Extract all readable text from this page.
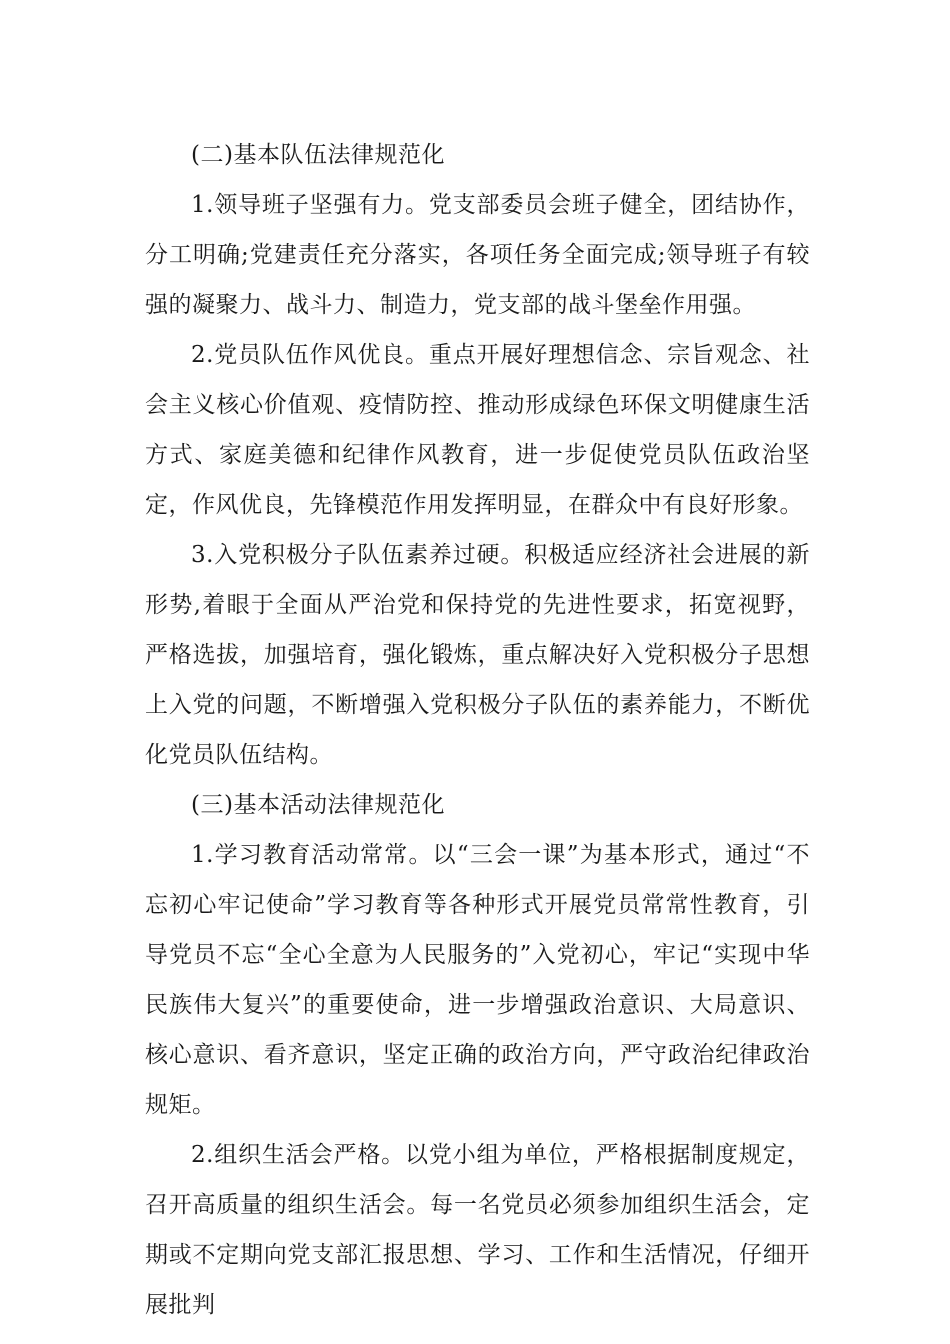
(二)基本队伍法律规范化

1.领导班子坚强有力。党支部委员会班子健全，团结协作，分工明确;党建责任充分落实，各项任务全面完成;领导班子有较强的凝聚力、战斗力、制造力，党支部的战斗堡垒作用强。

2.党员队伍作风优良。重点开展好理想信念、宗旨观念、社会主义核心价值观、疫情防控、推动形成绿色环保文明健康生活方式、家庭美德和纪律作风教育，进一步促使党员队伍政治坚定，作风优良，先锋模范作用发挥明显，在群众中有良好形象。

3.入党积极分子队伍素养过硬。积极适应经济社会进展的新形势,着眼于全面从严治党和保持党的先进性要求，拓宽视野，严格选拔，加强培育，强化锻炼，重点解决好入党积极分子思想上入党的问题，不断增强入党积极分子队伍的素养能力，不断优化党员队伍结构。

(三)基本活动法律规范化

1.学习教育活动常常。以“三会一课”为基本形式，通过“不忘初心牢记使命”学习教育等各种形式开展党员常常性教育，引导党员不忘“全心全意为人民服务的”入党初心，牢记“实现中华民族伟大复兴”的重要使命，进一步增强政治意识、大局意识、核心意识、看齐意识，坚定正确的政治方向，严守政治纪律政治规矩。

2.组织生活会严格。以党小组为单位，严格根据制度规定，召开高质量的组织生活会。每一名党员必须参加组织生活会，定期或不定期向党支部汇报思想、学习、工作和生活情况，仔细开展批判
